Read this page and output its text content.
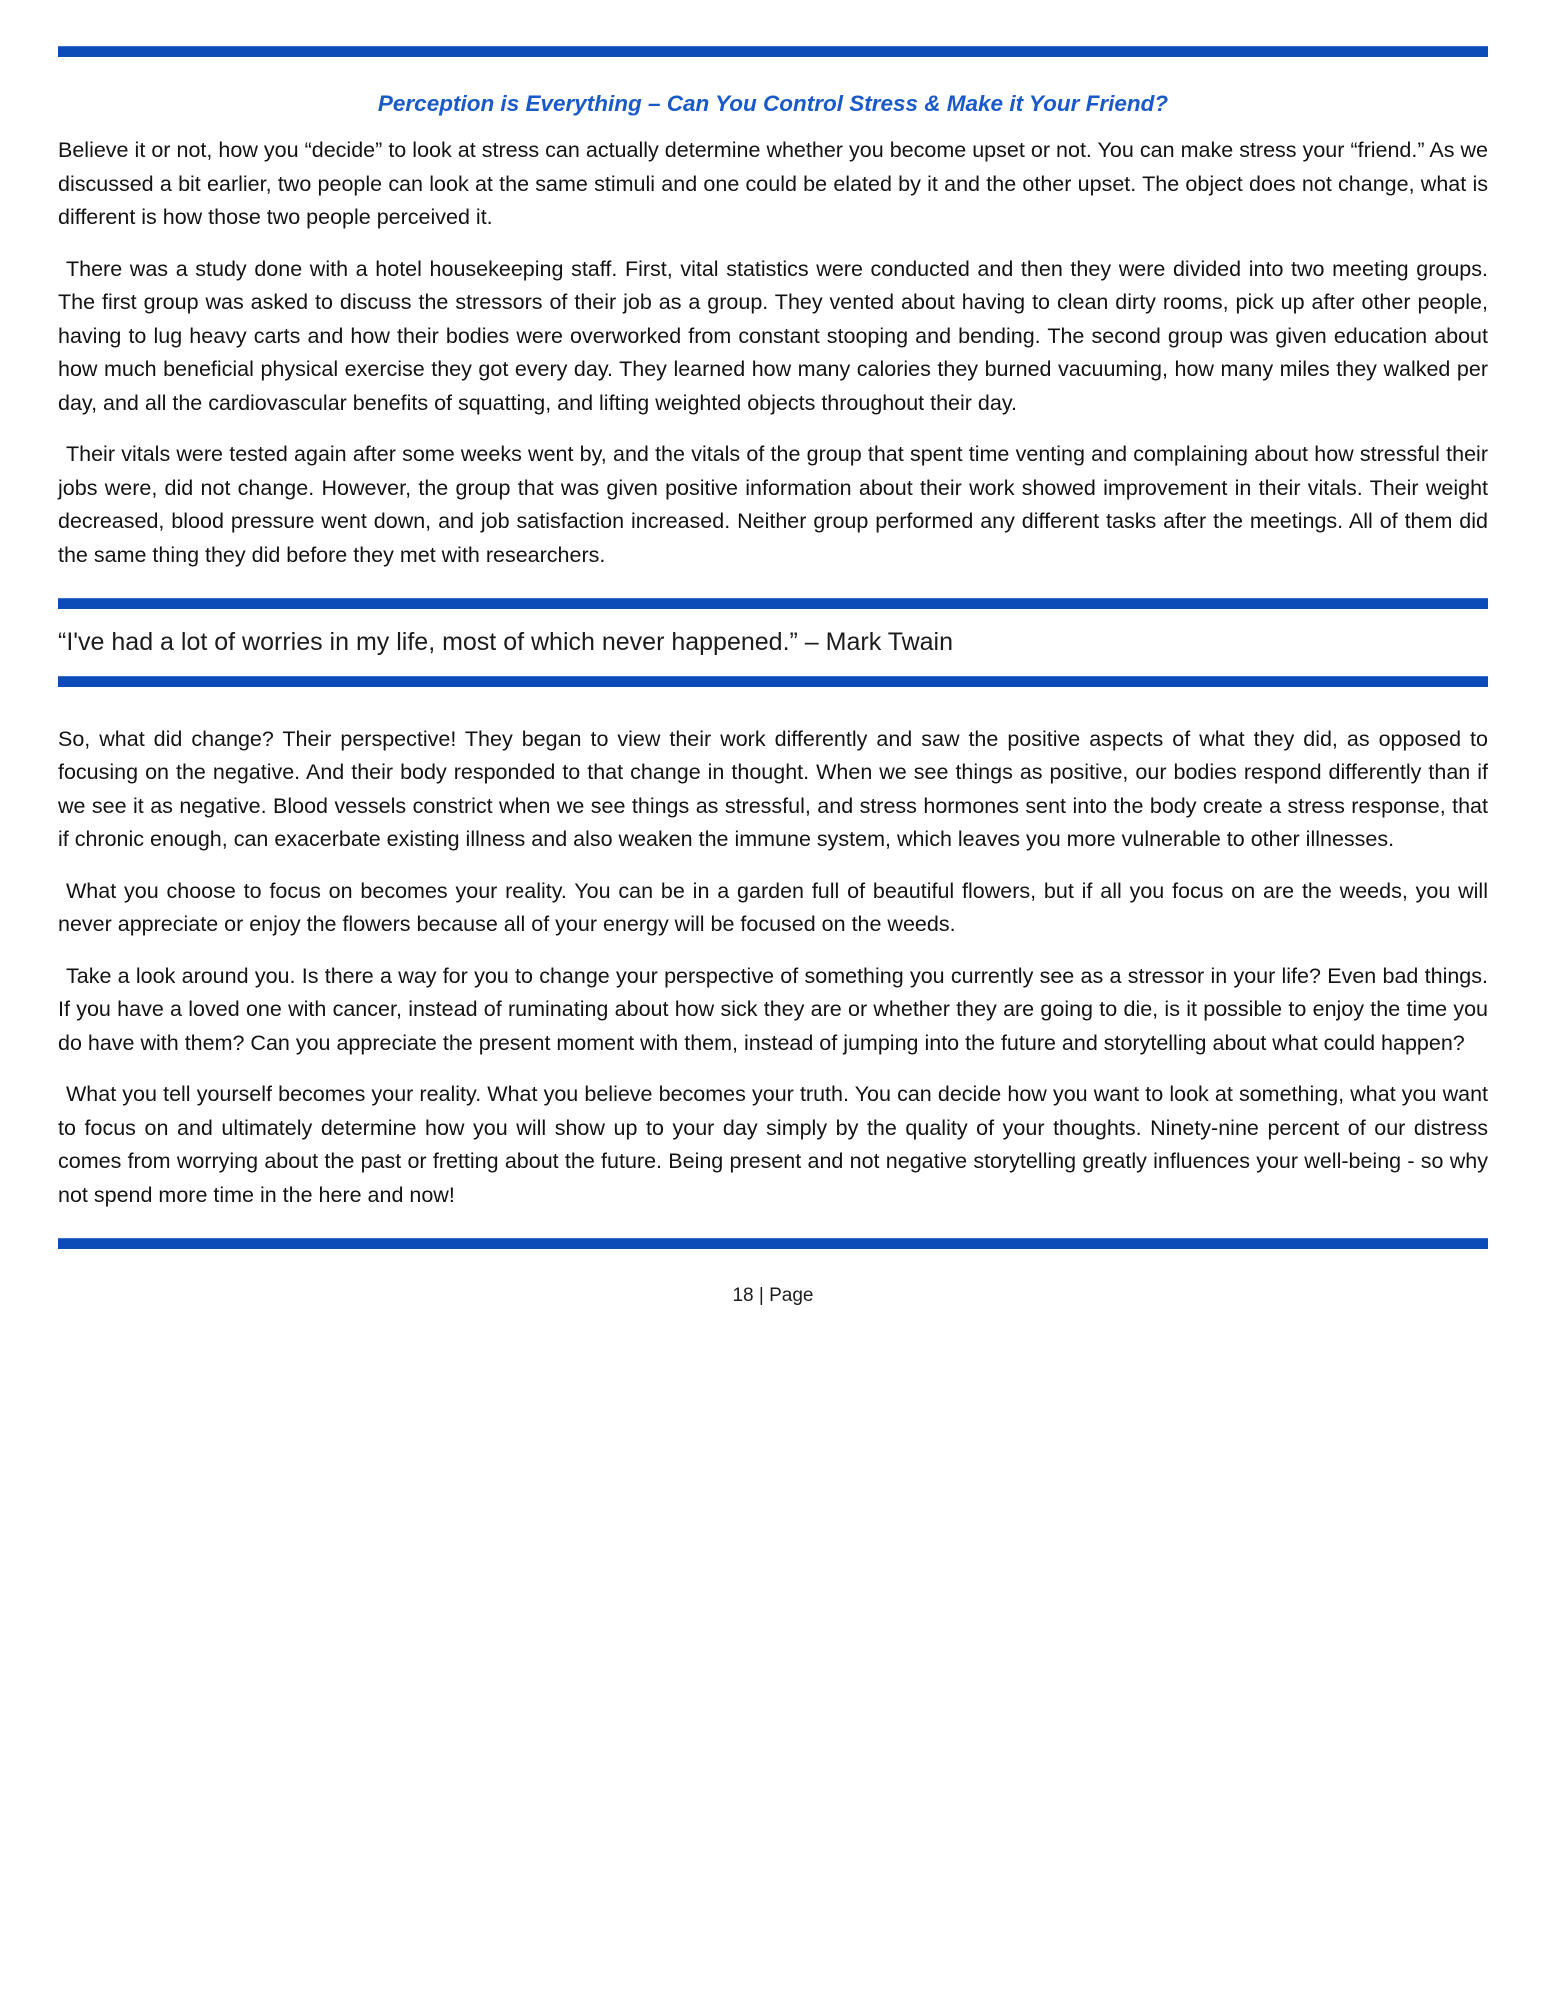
Perception is Everything – Can You Control Stress & Make it Your Friend?

Believe it or not, how you “decide” to look at stress can actually determine whether you become upset or not. You can make stress your “friend.” As we discussed a bit earlier, two people can look at the same stimuli and one could be elated by it and the other upset. The object does not change, what is different is how those two people perceived it.

There was a study done with a hotel housekeeping staff. First, vital statistics were conducted and then they were divided into two meeting groups. The first group was asked to discuss the stressors of their job as a group. They vented about having to clean dirty rooms, pick up after other people, having to lug heavy carts and how their bodies were overworked from constant stooping and bending. The second group was given education about how much beneficial physical exercise they got every day. They learned how many calories they burned vacuuming, how many miles they walked per day, and all the cardiovascular benefits of squatting, and lifting weighted objects throughout their day.

Their vitals were tested again after some weeks went by, and the vitals of the group that spent time venting and complaining about how stressful their jobs were, did not change. However, the group that was given positive information about their work showed improvement in their vitals. Their weight decreased, blood pressure went down, and job satisfaction increased. Neither group performed any different tasks after the meetings. All of them did the same thing they did before they met with researchers.

“I've had a lot of worries in my life, most of which never happened.” – Mark Twain

So, what did change? Their perspective! They began to view their work differently and saw the positive aspects of what they did, as opposed to focusing on the negative. And their body responded to that change in thought. When we see things as positive, our bodies respond differently than if we see it as negative. Blood vessels constrict when we see things as stressful, and stress hormones sent into the body create a stress response, that if chronic enough, can exacerbate existing illness and also weaken the immune system, which leaves you more vulnerable to other illnesses.

What you choose to focus on becomes your reality. You can be in a garden full of beautiful flowers, but if all you focus on are the weeds, you will never appreciate or enjoy the flowers because all of your energy will be focused on the weeds.

Take a look around you. Is there a way for you to change your perspective of something you currently see as a stressor in your life? Even bad things. If you have a loved one with cancer, instead of ruminating about how sick they are or whether they are going to die, is it possible to enjoy the time you do have with them? Can you appreciate the present moment with them, instead of jumping into the future and storytelling about what could happen?

What you tell yourself becomes your reality. What you believe becomes your truth. You can decide how you want to look at something, what you want to focus on and ultimately determine how you will show up to your day simply by the quality of your thoughts. Ninety-nine percent of our distress comes from worrying about the past or fretting about the future. Being present and not negative storytelling greatly influences your well-being - so why not spend more time in the here and now!

18 | Page
